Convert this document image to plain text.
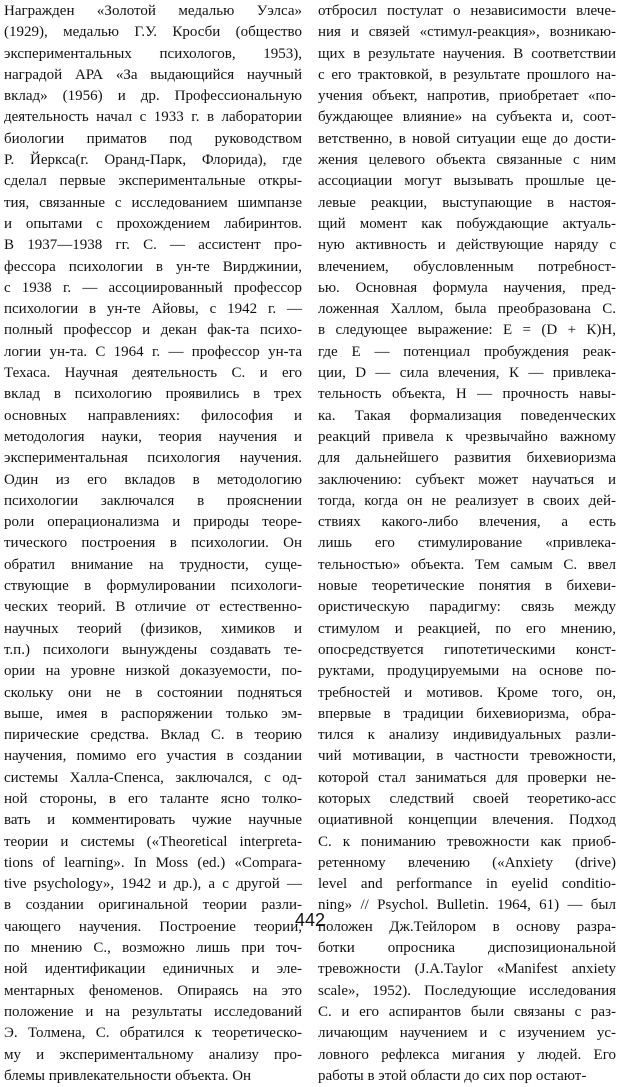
Награжден «Золотой медалью Уэлса»
(1929), медалью Г.У. Кросби (общество
экспериментальных психологов, 1953),
наградой АРА «За выдающийся научный
вклад» (1956) и др. Профессиональную
деятельность начал с 1933 г. в лаборатории
биологии приматов под руководством
Р. Йеркса(г. Оранд-Парк, Флорида), где
сделал первые экспериментальные откры-
тия, связанные с исследованием шимпанзе
и опытами с прохождением лабиринтов.
В 1937—1938 гг. С. — ассистент про-
фессора психологии в ун-те Вирджинии,
с 1938 г. — ассоциированный профессор
психологии в ун-те Айовы, с 1942 г. —
полный профессор и декан фак-та психо-
логии ун-та. С 1964 г. — профессор ун-та
Техаса. Научная деятельность С. и его
вклад в психологию проявились в трех
основных направлениях: философия и
методология науки, теория научения и
экспериментальная психология научения.
Один из его вкладов в методологию
психологии заключался в прояснении
роли операционализма и природы теоре-
тического построения в психологии. Он
обратил внимание на трудности, суще-
ствующие в формулировании психологи-
ческих теорий. В отличие от естественно-
научных теорий (физиков, химиков и
т.п.) психологи вынуждены создавать те-
ории на уровне низкой доказуемости, по-
скольку они не в состоянии подняться
выше, имея в распоряжении только эм-
пирические средства. Вклад С. в теорию
научения, помимо его участия в создании
системы Халла-Спенса, заключался, с од-
ной стороны, в его таланте ясно толко-
вать и комментировать чужие научные
теории и системы («Theoretical interpreta-
tions of learning». In Moss (ed.) «Compara-
tive psychology», 1942 и др.), а с другой —
в создании оригинальной теории разли-
чающего научения. Построение теории,
по мнению С., возможно лишь при точ-
ной идентификации единичных и эле-
ментарных феноменов. Опираясь на это
положение и на результаты исследований
Э. Толмена, С. обратился к теоретическо-
му и экспериментальному анализу про-
блемы привлекательности объекта. Он
отбросил постулат о независимости влече-
ния и связей «стимул-реакция», возникаю-
щих в результате научения. В соответствии
с его трактовкой, в результате прошлого на-
учения объект, напротив, приобретает «по-
буждающее влияние» на субъекта и, соот-
ветственно, в новой ситуации еще до дости-
жения целевого объекта связанные с ним
ассоциации могут вызывать прошлые це-
левые реакции, выступающие в настоя-
щий момент как побуждающие актуаль-
ную активность и действующие наряду с
влечением, обусловленным потребност-
ью. Основная формула научения, пред-
ложенная Халлом, была преобразована С.
в следующее выражение: Е = (D + К)Н,
где Е — потенциал пробуждения реак-
ции, D — сила влечения, К — привлека-
тельность объекта, Н — прочность навы-
ка. Такая формализация поведенческих
реакций привела к чрезвычайно важному
для дальнейшего развития бихевиоризма
заключению: субъект может научаться и
тогда, когда он не реализует в своих дей-
ствиях какого-либо влечения, а есть
лишь его стимулирование «привлека-
тельностью» объекта. Тем самым С. ввел
новые теоретические понятия в бихеви-
ористическую парадигму: связь между
стимулом и реакцией, по его мнению,
опосредствуется гипотетическими конст-
руктами, продуцируемыми на основе по-
требностей и мотивов. Кроме того, он,
впервые в традиции бихевиоризма, обра-
тился к анализу индивидуальных разли-
чий мотивации, в частности тревожности,
которой стал заниматься для проверки не-
которых следствий своей теоретико-асс
оциативной концепции влечения. Подход
С. к пониманию тревожности как приоб-
ретенному влечению («Anxiety (drive)
level and performance in eyelid conditio-
ning» // Psychol. Bulletin. 1964, 61) — был
положен Дж.Тейлором в основу разра-
ботки опросника диспозициональной
тревожности (J.A.Taylor «Manifest anxiety
scale», 1952). Последующие исследования
С. и его аспирантов были связаны с раз-
личающим научением и с изучением ус-
ловного рефлекса мигания у людей. Его
работы в этой области до сих пор остают-
442
